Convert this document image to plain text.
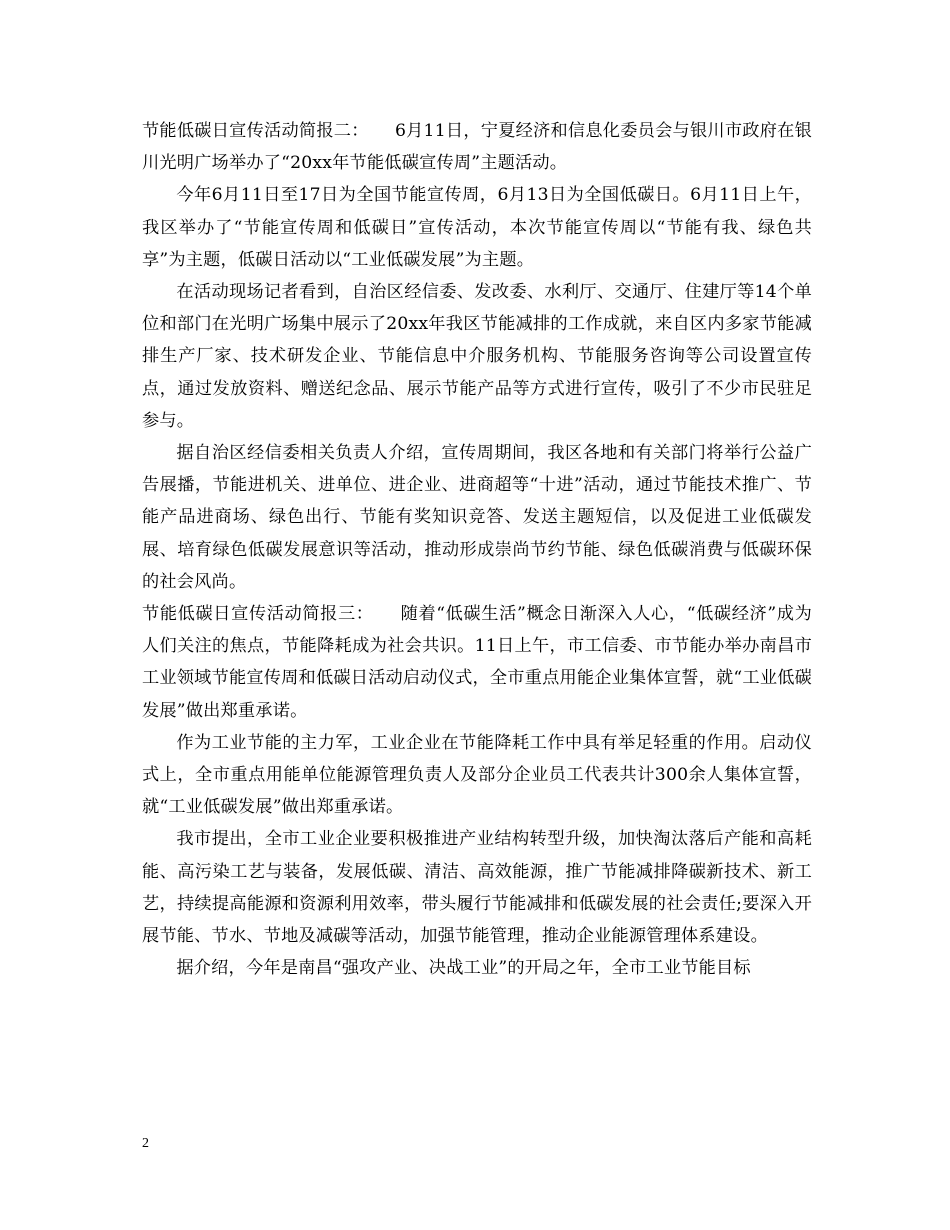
节能低碳日宣传活动简报二：　　6月11日，宁夏经济和信息化委员会与银川市政府在银川光明广场举办了“20xx年节能低碳宣传周”主题活动。

今年6月11日至17日为全国节能宣传周，6月13日为全国低碳日。6月11日上午，我区举办了“节能宣传周和低碳日”宣传活动，本次节能宣传周以“节能有我、绿色共享”为主题，低碳日活动以“工业低碳发展”为主题。

在活动现场记者看到，自治区经信委、发改委、水利厅、交通厅、住建厅等14个单位和部门在光明广场集中展示了20xx年我区节能减排的工作成就，来自区内多家节能减排生产厂家、技术研发企业、节能信息中介服务机构、节能服务咨询等公司设置宣传点，通过发放资料、赠送纪念品、展示节能产品等方式进行宣传，吸引了不少市民驻足参与。

据自治区经信委相关负责人介绍，宣传周期间，我区各地和有关部门将举行公益广告展播，节能进机关、进单位、进企业、进商超等“十进”活动，通过节能技术推广、节能产品进商场、绿色出行、节能有奖知识竞答、发送主题短信，以及促进工业低碳发展、培育绿色低碳发展意识等活动，推动形成崇尚节约节能、绿色低碳消费与低碳环保的社会风尚。

节能低碳日宣传活动简报三：　　随着“低碳生活”概念日渐深入人心，“低碳经济”成为人们关注的焦点，节能降耗成为社会共识。11日上午，市工信委、市节能办举办南昌市工业领域节能宣传周和低碳日活动启动仪式，全市重点用能企业集体宣誓，就“工业低碳发展”做出郑重承诺。

作为工业节能的主力军，工业企业在节能降耗工作中具有举足轻重的作用。启动仪式上，全市重点用能单位能源管理负责人及部分企业员工代表共计300余人集体宣誓，就“工业低碳发展”做出郑重承诺。

我市提出，全市工业企业要积极推进产业结构转型升级，加快淘汰落后产能和高耗能、高污染工艺与装备，发展低碳、清洁、高效能源，推广节能减排降碳新技术、新工艺，持续提高能源和资源利用效率，带头履行节能减排和低碳发展的社会责任;要深入开展节能、节水、节地及减碳等活动，加强节能管理，推动企业能源管理体系建设。

据介绍，今年是南昌“强攻产业、决战工业”的开局之年，全市工业节能目标

2
